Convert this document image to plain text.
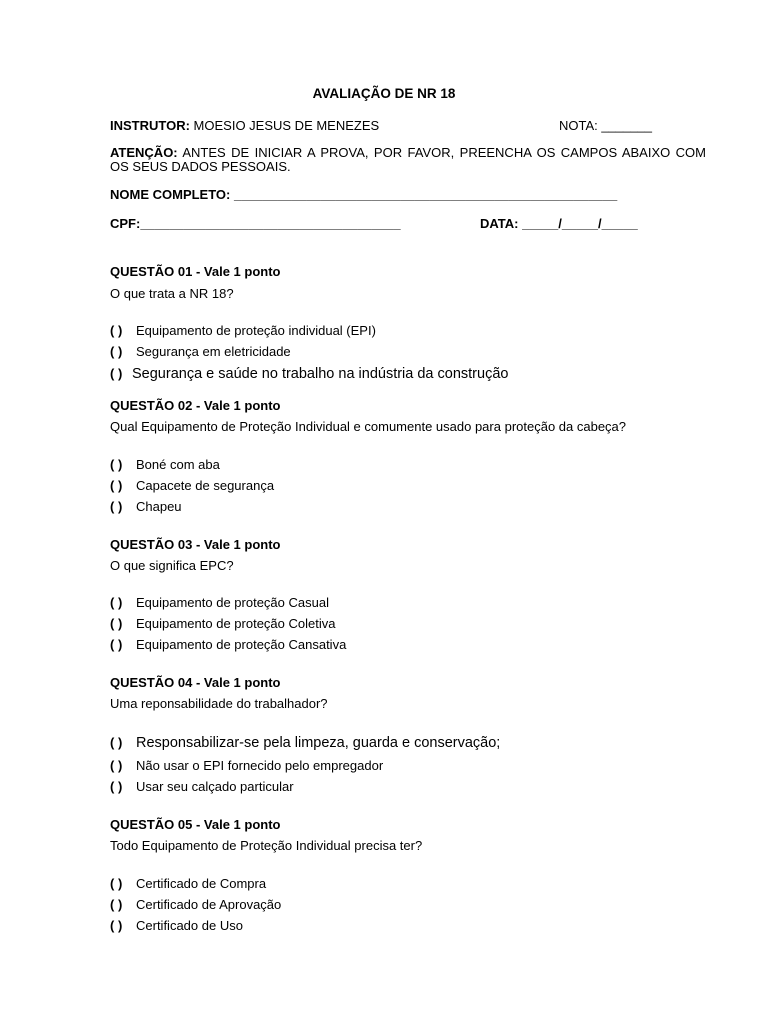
AVALIAÇÃO DE NR 18
INSTRUTOR: MOESIO JESUS DE MENEZES	NOTA: _______
ATENÇÃO: ANTES DE INICIAR A PROVA, POR FAVOR, PREENCHA OS CAMPOS ABAIXO COM OS SEUS DADOS PESSOAIS.
NOME COMPLETO: _____________________________________________________
CPF:____________________________________	DATA: _____/_____/_____
QUESTÃO 01 - Vale 1 ponto
O que trata a NR 18?
( ) Equipamento de proteção individual (EPI)
( ) Segurança em eletricidade
( ) Segurança e saúde no trabalho na indústria da construção
QUESTÃO 02 - Vale 1 ponto
Qual Equipamento de Proteção Individual e comumente usado para proteção da cabeça?
( ) Boné com aba
( ) Capacete de segurança
( ) Chapeu
QUESTÃO 03 - Vale 1 ponto
O que significa EPC?
( ) Equipamento de proteção Casual
( ) Equipamento de proteção Coletiva
( ) Equipamento de proteção Cansativa
QUESTÃO 04 - Vale 1 ponto
Uma reponsabilidade do trabalhador?
( ) Responsabilizar-se pela limpeza, guarda e conservação;
( ) Não usar o EPI fornecido pelo empregador
( ) Usar seu calçado particular
QUESTÃO 05 - Vale 1 ponto
Todo Equipamento de Proteção Individual precisa ter?
( ) Certificado de Compra
( ) Certificado de Aprovação
( ) Certificado de Uso
